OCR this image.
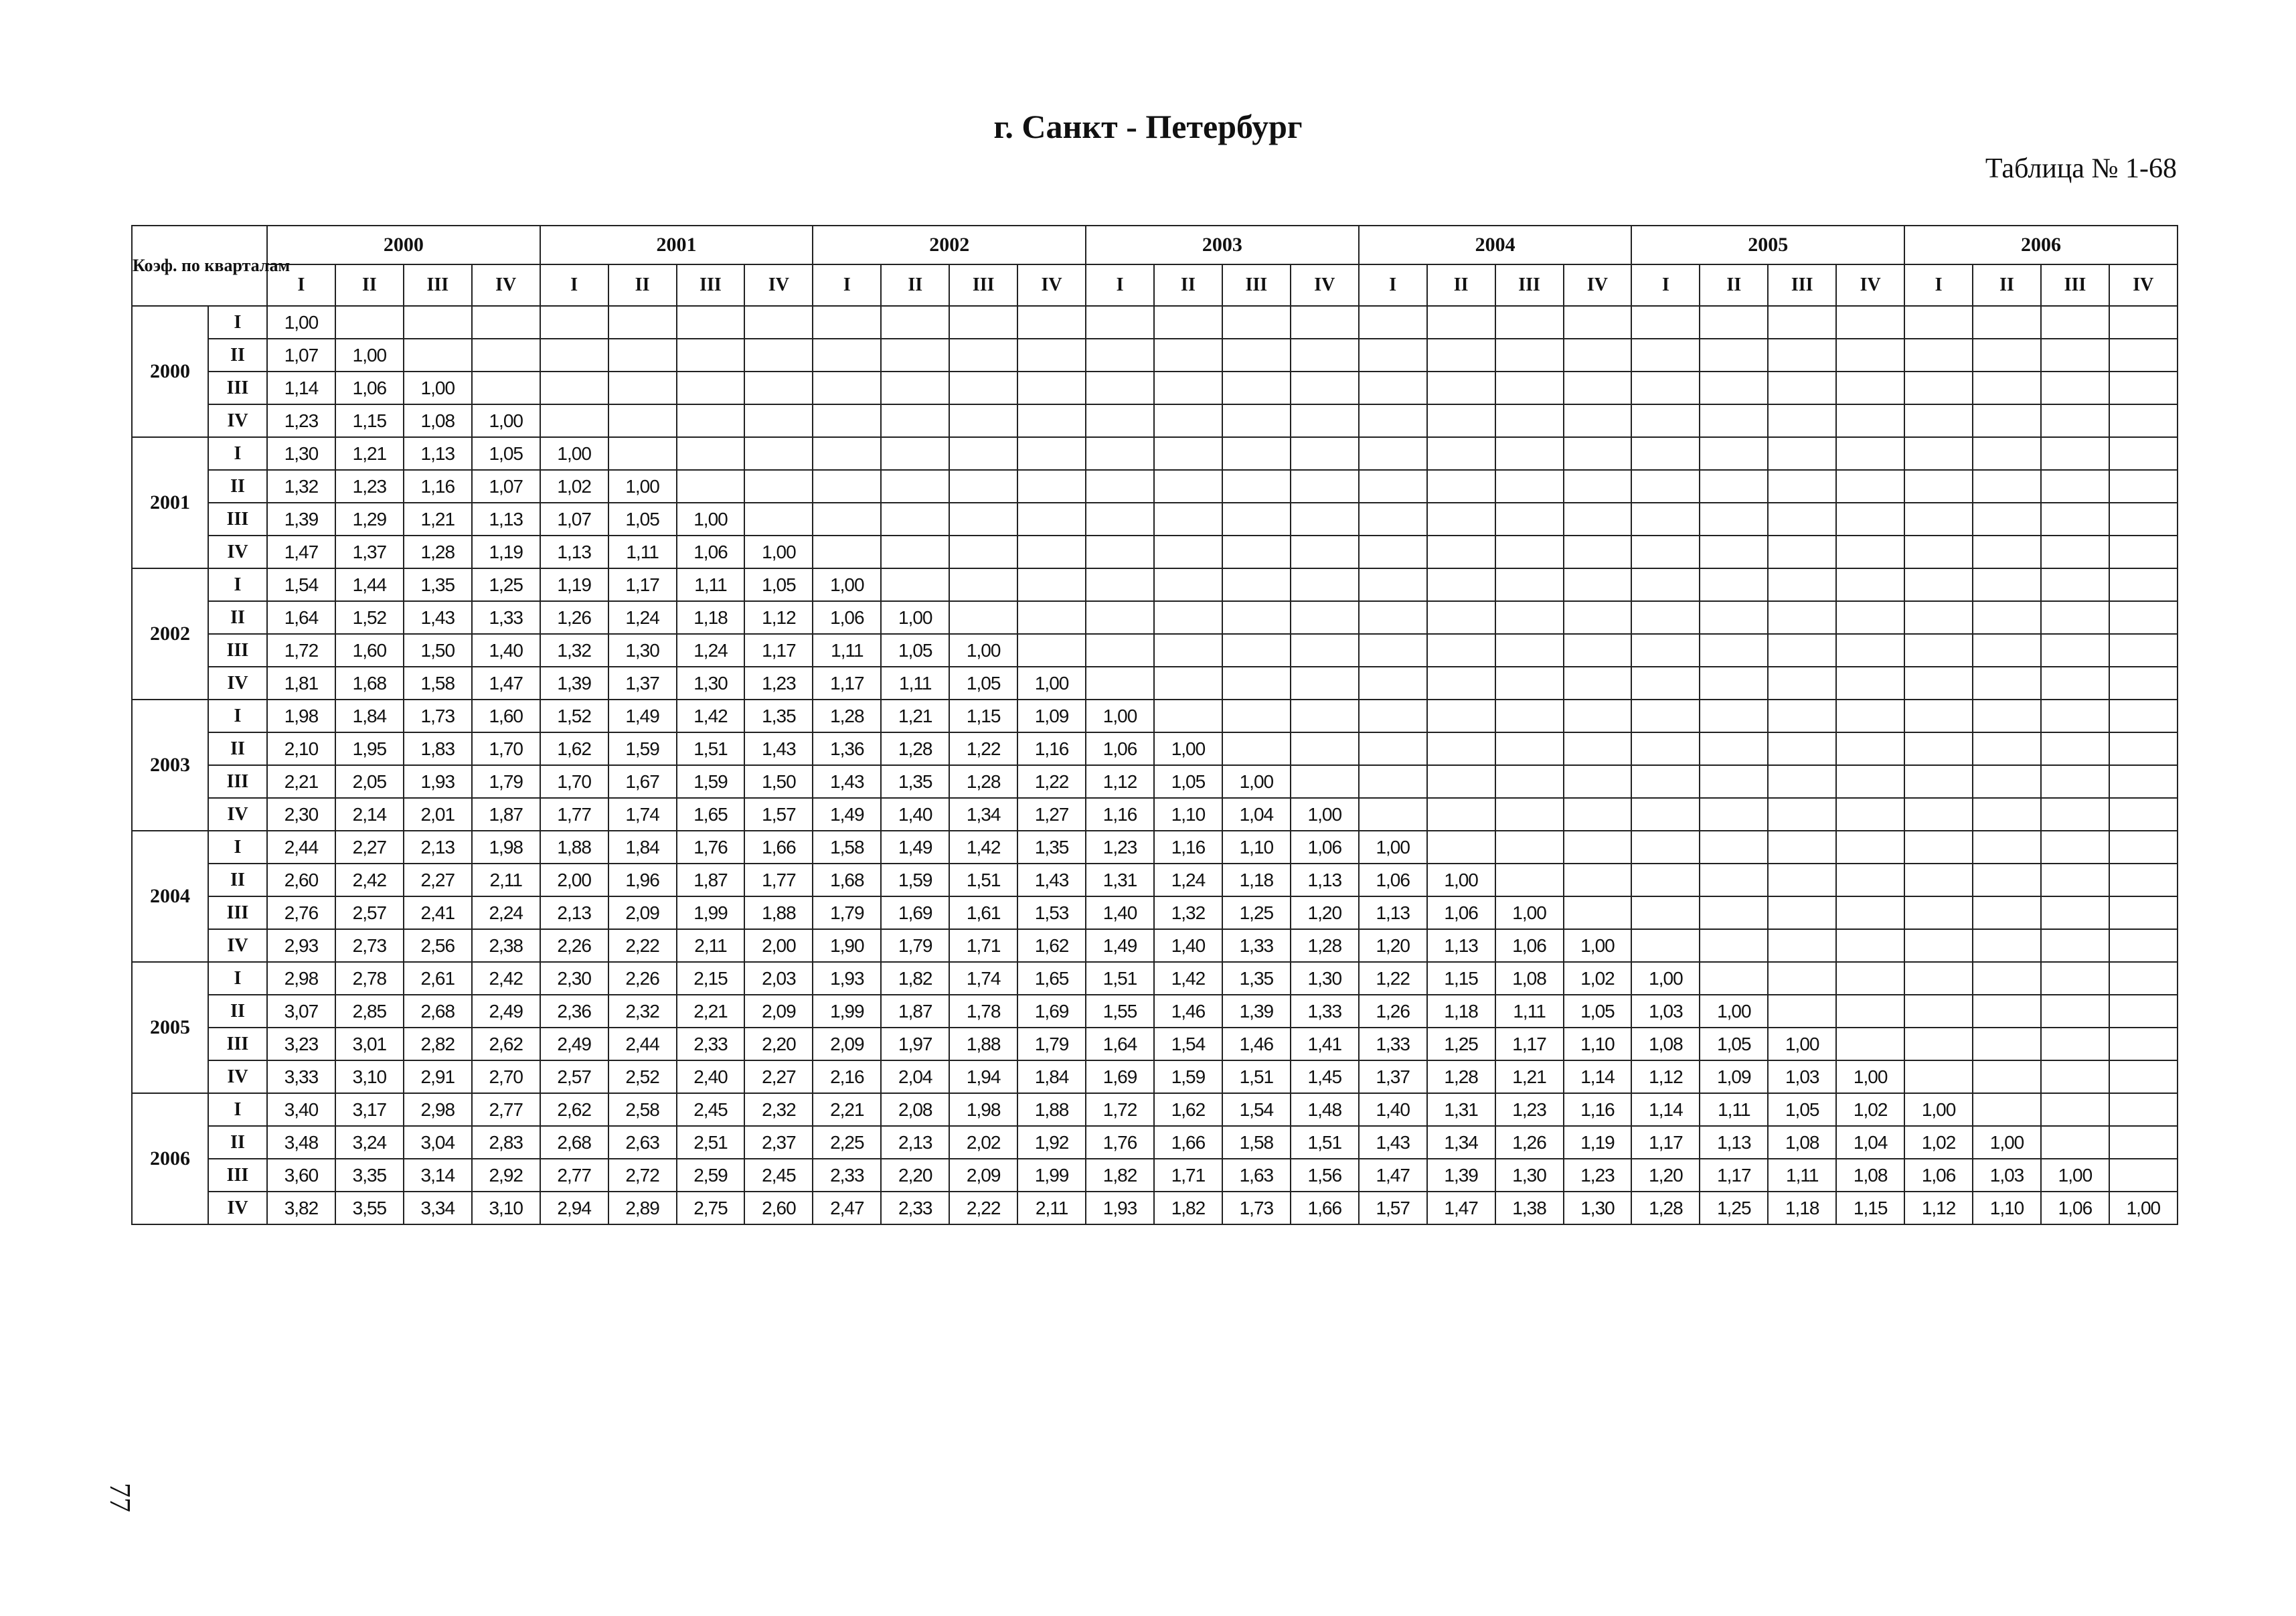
г. Санкт - Петербург
Таблица № 1-68
Коэф. по кварталам		2000				2001				2002				2003				2004				2005				2006			
		I	II	III	IV	I	II	III	IV	I	II	III	IV	I	II	III	IV	I	II	III	IV	I	II	III	IV	I	II	III	IV
2000	I	1,00																											
	II	1,07	1,00																										
	III	1,14	1,06	1,00																									
	IV	1,23	1,15	1,08	1,00																								
2001	I	1,30	1,21	1,13	1,05	1,00																							
	II	1,32	1,23	1,16	1,07	1,02	1,00																						
	III	1,39	1,29	1,21	1,13	1,07	1,05	1,00																					
	IV	1,47	1,37	1,28	1,19	1,13	1,11	1,06	1,00																				
2002	I	1,54	1,44	1,35	1,25	1,19	1,17	1,11	1,05	1,00																			
	II	1,64	1,52	1,43	1,33	1,26	1,24	1,18	1,12	1,06	1,00																		
	III	1,72	1,60	1,50	1,40	1,32	1,30	1,24	1,17	1,11	1,05	1,00																	
	IV	1,81	1,68	1,58	1,47	1,39	1,37	1,30	1,23	1,17	1,11	1,05	1,00																
2003	I	1,98	1,84	1,73	1,60	1,52	1,49	1,42	1,35	1,28	1,21	1,15	1,09	1,00															
	II	2,10	1,95	1,83	1,70	1,62	1,59	1,51	1,43	1,36	1,28	1,22	1,16	1,06	1,00														
	III	2,21	2,05	1,93	1,79	1,70	1,67	1,59	1,50	1,43	1,35	1,28	1,22	1,12	1,05	1,00													
	IV	2,30	2,14	2,01	1,87	1,77	1,74	1,65	1,57	1,49	1,40	1,34	1,27	1,16	1,10	1,04	1,00												
2004	I	2,44	2,27	2,13	1,98	1,88	1,84	1,76	1,66	1,58	1,49	1,42	1,35	1,23	1,16	1,10	1,06	1,00											
	II	2,60	2,42	2,27	2,11	2,00	1,96	1,87	1,77	1,68	1,59	1,51	1,43	1,31	1,24	1,18	1,13	1,06	1,00										
	III	2,76	2,57	2,41	2,24	2,13	2,09	1,99	1,88	1,79	1,69	1,61	1,53	1,40	1,32	1,25	1,20	1,13	1,06	1,00									
	IV	2,93	2,73	2,56	2,38	2,26	2,22	2,11	2,00	1,90	1,79	1,71	1,62	1,49	1,40	1,33	1,28	1,20	1,13	1,06	1,00								
2005	I	2,98	2,78	2,61	2,42	2,30	2,26	2,15	2,03	1,93	1,82	1,74	1,65	1,51	1,42	1,35	1,30	1,22	1,15	1,08	1,02	1,00							
	II	3,07	2,85	2,68	2,49	2,36	2,32	2,21	2,09	1,99	1,87	1,78	1,69	1,55	1,46	1,39	1,33	1,26	1,18	1,11	1,05	1,03	1,00						
	III	3,23	3,01	2,82	2,62	2,49	2,44	2,33	2,20	2,09	1,97	1,88	1,79	1,64	1,54	1,46	1,41	1,33	1,25	1,17	1,10	1,08	1,05	1,00					
	IV	3,33	3,10	2,91	2,70	2,57	2,52	2,40	2,27	2,16	2,04	1,94	1,84	1,69	1,59	1,51	1,45	1,37	1,28	1,21	1,14	1,12	1,09	1,03	1,00				
2006	I	3,40	3,17	2,98	2,77	2,62	2,58	2,45	2,32	2,21	2,08	1,98	1,88	1,72	1,62	1,54	1,48	1,40	1,31	1,23	1,16	1,14	1,11	1,05	1,02	1,00			
	II	3,48	3,24	3,04	2,83	2,68	2,63	2,51	2,37	2,25	2,13	2,02	1,92	1,76	1,66	1,58	1,51	1,43	1,34	1,26	1,19	1,17	1,13	1,08	1,04	1,02	1,00		
	III	3,60	3,35	3,14	2,92	2,77	2,72	2,59	2,45	2,33	2,20	2,09	1,99	1,82	1,71	1,63	1,56	1,47	1,39	1,30	1,23	1,20	1,17	1,11	1,08	1,06	1,03	1,00	
	IV	3,82	3,55	3,34	3,10	2,94	2,89	2,75	2,60	2,47	2,33	2,22	2,11	1,93	1,82	1,73	1,66	1,57	1,47	1,38	1,30	1,28	1,25	1,18	1,15	1,12	1,10	1,06	1,00
77
